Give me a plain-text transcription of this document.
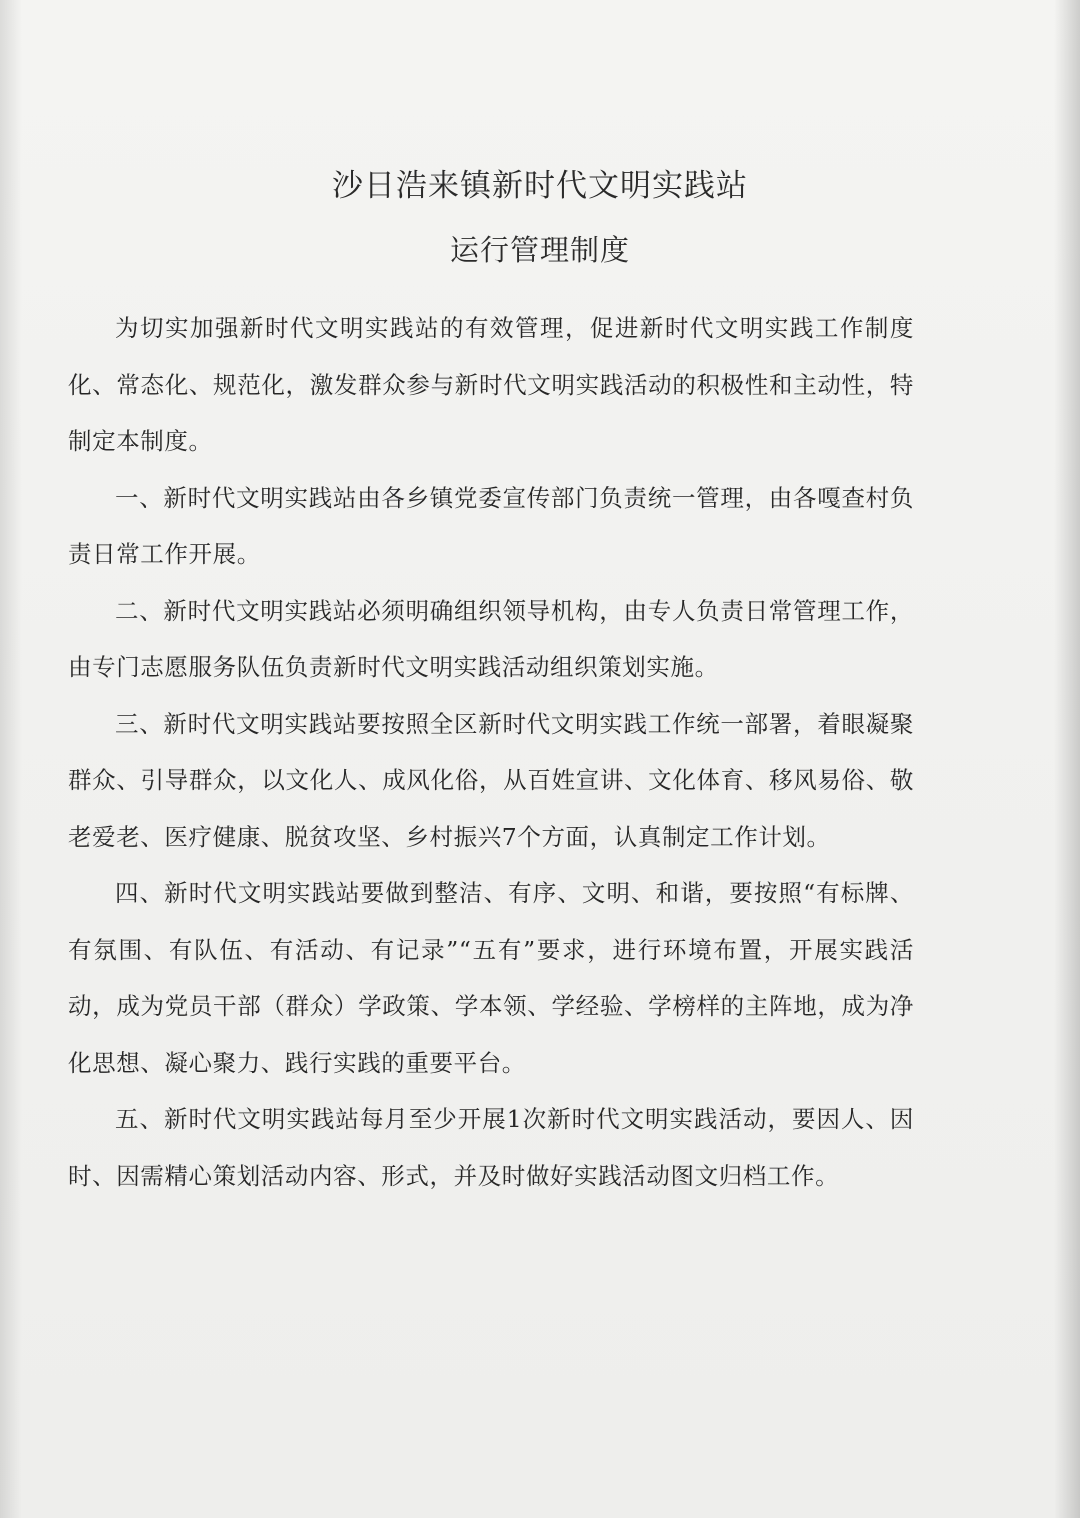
沙日浩来镇新时代文明实践站
运行管理制度

为切实加强新时代文明实践站的有效管理，促进新时代文明实践工作制度化、常态化、规范化，激发群众参与新时代文明实践活动的积极性和主动性，特制定本制度。

一、新时代文明实践站由各乡镇党委宣传部门负责统一管理，由各嘎查村负责日常工作开展。

二、新时代文明实践站必须明确组织领导机构，由专人负责日常管理工作，由专门志愿服务队伍负责新时代文明实践活动组织策划实施。

三、新时代文明实践站要按照全区新时代文明实践工作统一部署，着眼凝聚群众、引导群众，以文化人、成风化俗，从百姓宣讲、文化体育、移风易俗、敬老爱老、医疗健康、脱贫攻坚、乡村振兴7个方面，认真制定工作计划。

四、新时代文明实践站要做到整洁、有序、文明、和谐，要按照“有标牌、有氛围、有队伍、有活动、有记录”“五有”要求，进行环境布置，开展实践活动，成为党员干部（群众）学政策、学本领、学经验、学榜样的主阵地，成为净化思想、凝心聚力、践行实践的重要平台。

五、新时代文明实践站每月至少开展1次新时代文明实践活动，要因人、因时、因需精心策划活动内容、形式，并及时做好实践活动图文归档工作。
